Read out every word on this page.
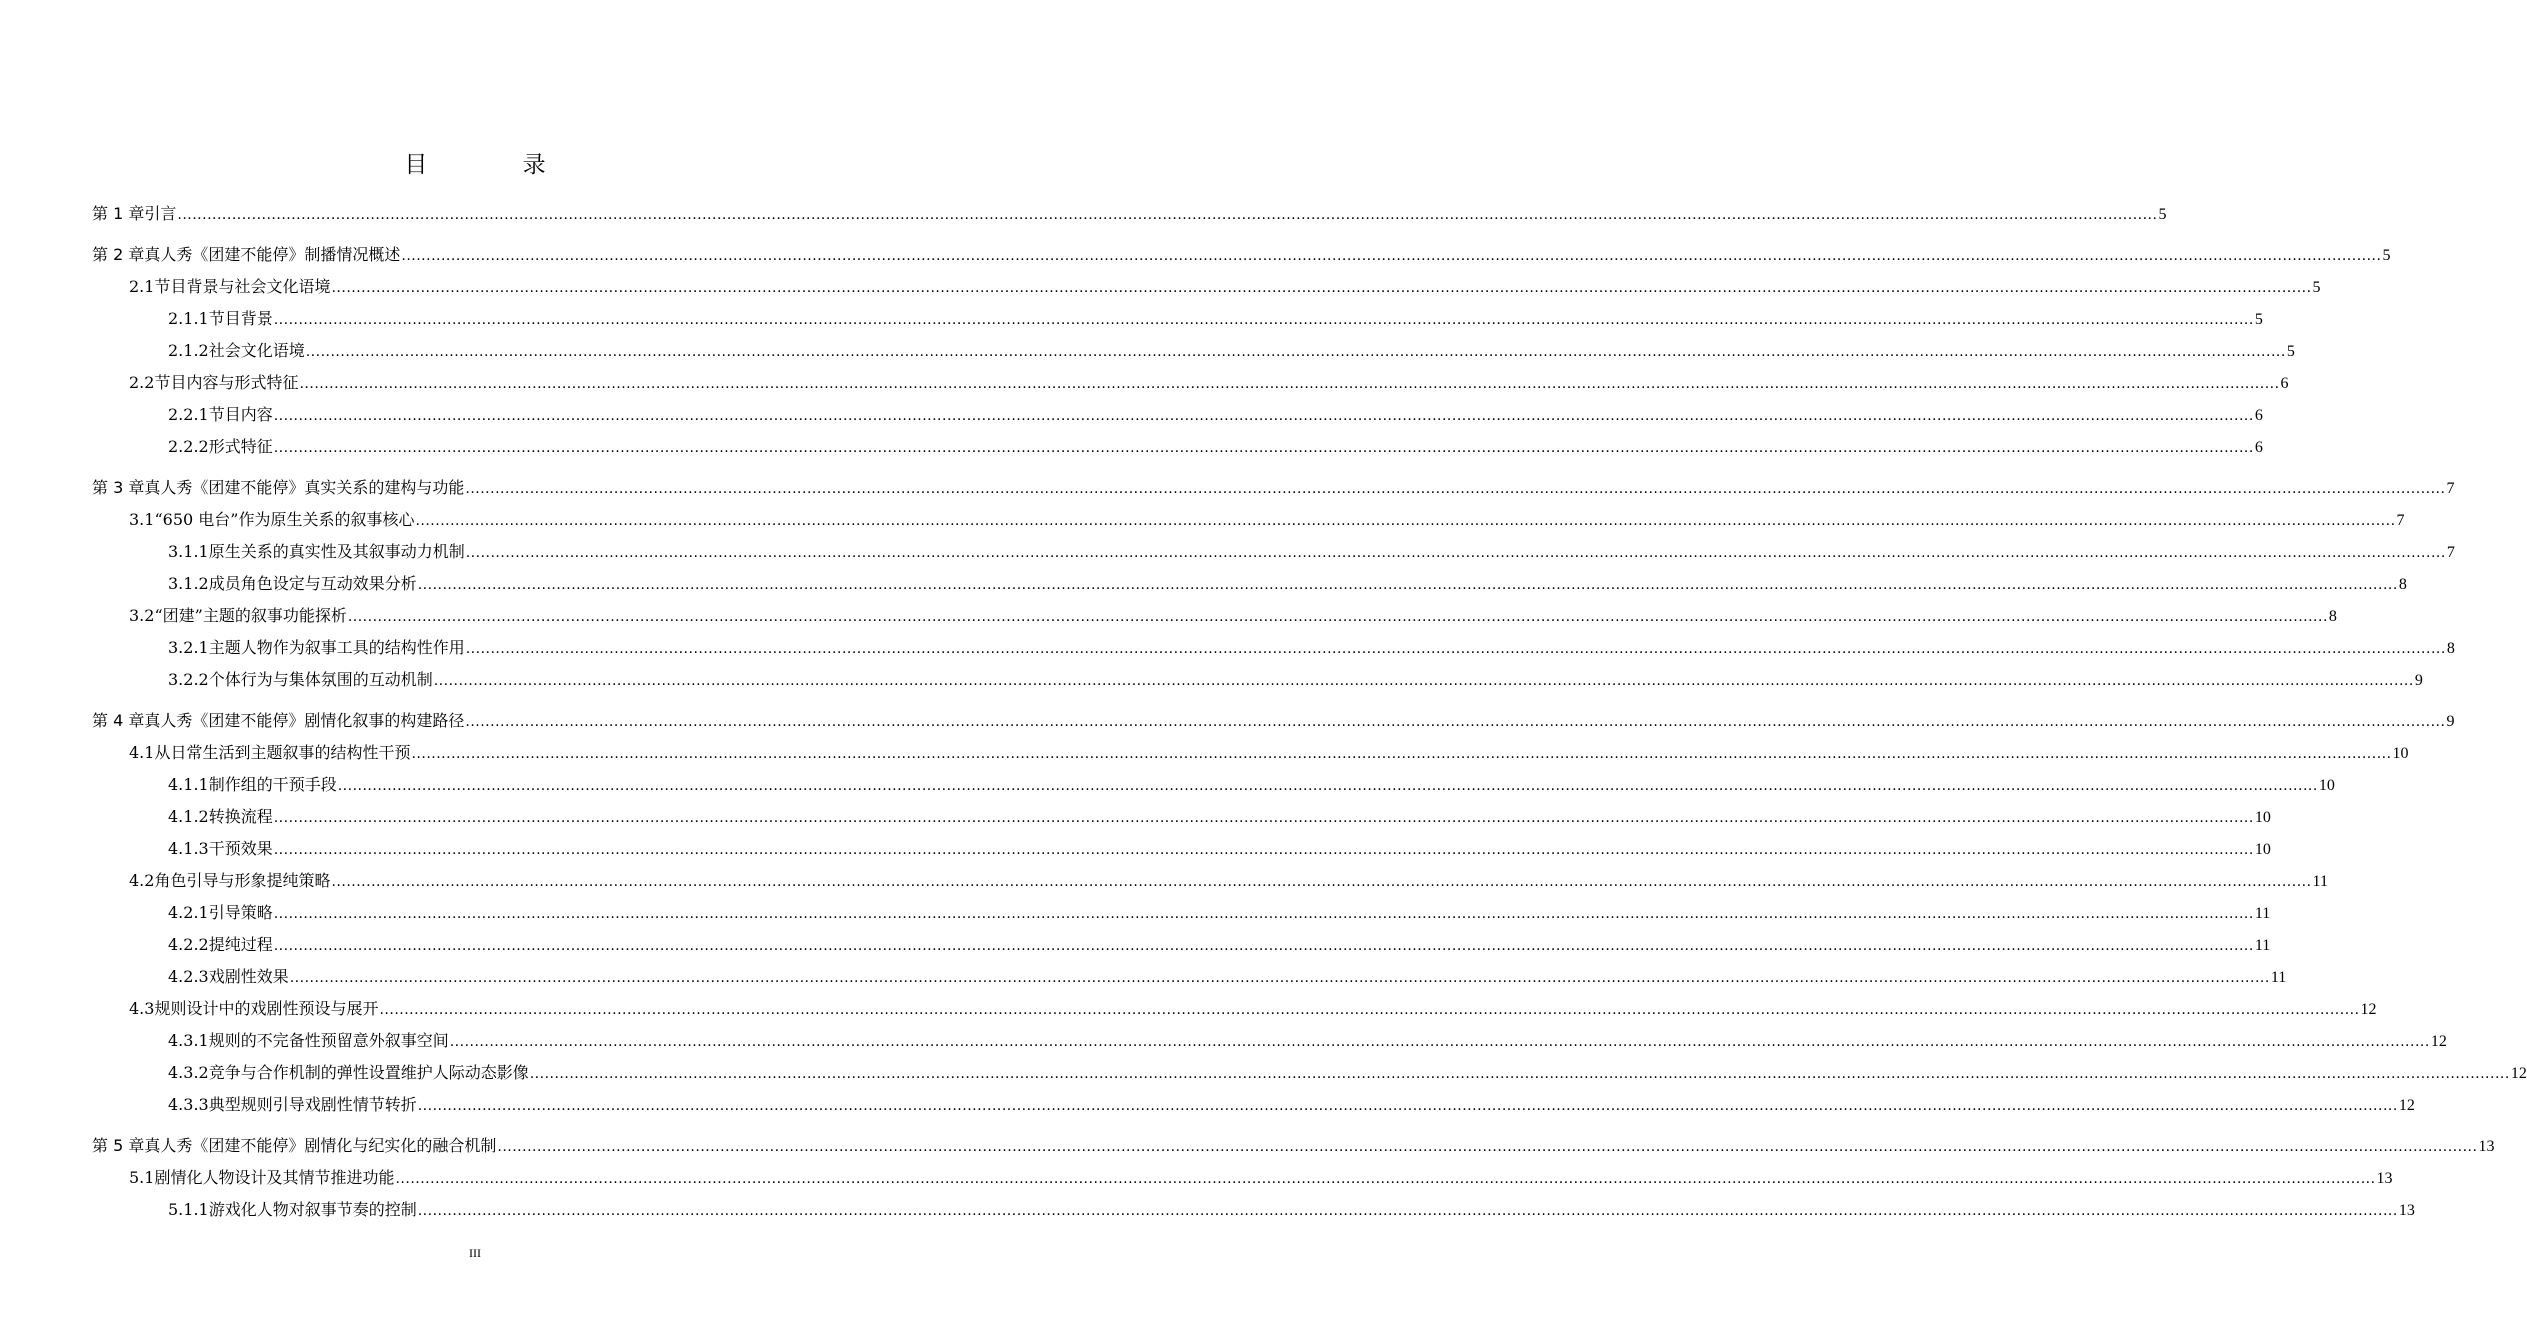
目 录
第 1 章 引言 ................................................................................................................................................................................................................................................................................................................................................................................................................ 5
第 2 章 真人秀《团建不能停》制播情况概述 ................................................................................................................................................................................................................................................................................................................................................................................................................ 5
2.1 节目背景与社会文化语境 ................................................................................................................................................................................................................................................................................................................................................................................................................ 5
2.1.1 节目背景 ................................................................................................................................................................................................................................................................................................................................................................................................................ 5
2.1.2 社会文化语境 ................................................................................................................................................................................................................................................................................................................................................................................................................ 5
2.2 节目内容与形式特征 ................................................................................................................................................................................................................................................................................................................................................................................................................ 6
2.2.1 节目内容 ................................................................................................................................................................................................................................................................................................................................................................................................................ 6
2.2.2 形式特征 ................................................................................................................................................................................................................................................................................................................................................................................................................ 6
第 3 章 真人秀《团建不能停》真实关系的建构与功能 ................................................................................................................................................................................................................................................................................................................................................................................................................ 7
3.1 “650 电台”作为原生关系的叙事核心 ................................................................................................................................................................................................................................................................................................................................................................................................................ 7
3.1.1 原生关系的真实性及其叙事动力机制 ................................................................................................................................................................................................................................................................................................................................................................................................................ 7
3.1.2 成员角色设定与互动效果分析 ................................................................................................................................................................................................................................................................................................................................................................................................................ 8
3.2 “团建”主题的叙事功能探析 ................................................................................................................................................................................................................................................................................................................................................................................................................ 8
3.2.1 主题人物作为叙事工具的结构性作用 ................................................................................................................................................................................................................................................................................................................................................................................................................ 8
3.2.2 个体行为与集体氛围的互动机制 ................................................................................................................................................................................................................................................................................................................................................................................................................ 9
第 4 章 真人秀《团建不能停》剧情化叙事的构建路径 ................................................................................................................................................................................................................................................................................................................................................................................................................ 9
4.1 从日常生活到主题叙事的结构性干预 ................................................................................................................................................................................................................................................................................................................................................................................................................ 10
4.1.1 制作组的干预手段 ................................................................................................................................................................................................................................................................................................................................................................................................................ 10
4.1.2 转换流程 ................................................................................................................................................................................................................................................................................................................................................................................................................ 10
4.1.3 干预效果 ................................................................................................................................................................................................................................................................................................................................................................................................................ 10
4.2 角色引导与形象提纯策略 ................................................................................................................................................................................................................................................................................................................................................................................................................ 11
4.2.1 引导策略 ................................................................................................................................................................................................................................................................................................................................................................................................................ 11
4.2.2 提纯过程 ................................................................................................................................................................................................................................................................................................................................................................................................................ 11
4.2.3 戏剧性效果 ................................................................................................................................................................................................................................................................................................................................................................................................................ 11
4.3 规则设计中的戏剧性预设与展开 ................................................................................................................................................................................................................................................................................................................................................................................................................ 12
4.3.1 规则的不完备性预留意外叙事空间 ................................................................................................................................................................................................................................................................................................................................................................................................................ 12
4.3.2 竞争与合作机制的弹性设置维护人际动态影像 ................................................................................................................................................................................................................................................................................................................................................................................................................ 12
4.3.3 典型规则引导戏剧性情节转折 ................................................................................................................................................................................................................................................................................................................................................................................................................ 12
第 5 章 真人秀《团建不能停》剧情化与纪实化的融合机制 ................................................................................................................................................................................................................................................................................................................................................................................................................ 13
5.1 剧情化人物设计及其情节推进功能 ................................................................................................................................................................................................................................................................................................................................................................................................................ 13
5.1.1 游戏化人物对叙事节奏的控制 ................................................................................................................................................................................................................................................................................................................................................................................................................ 13
III
